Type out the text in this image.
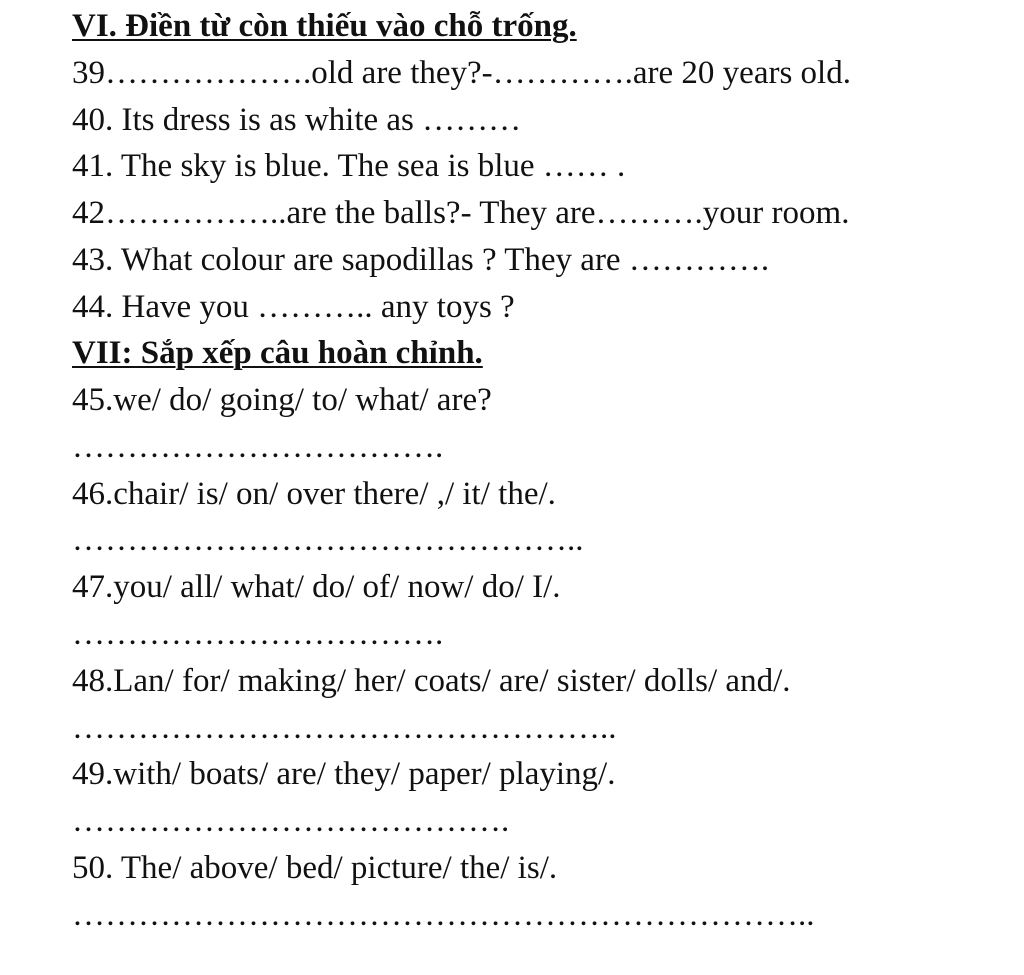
VI. Điền từ còn thiếu vào chỗ trống.
39……………….old are they?-………….are 20 years old.
40. Its dress is as white as ………
41. The sky is blue. The sea is blue …… .
42……………..are the balls?- They are……….your room.
43. What colour are sapodillas ? They are ………….
44. Have you ……….. any toys ?
VII: Sắp xếp câu hoàn chỉnh.
45.we/ do/ going/ to/ what/ are?
…………………………….
46.chair/ is/ on/ over there/ ,/ it/ the/.
………………………………………..
47.you/ all/ what/ do/ of/ now/ do/ I/.
…………………………….
48.Lan/ for/ making/ her/ coats/ are/ sister/ dolls/ and/.
…………………………………………..
49.with/ boats/ are/ they/ paper/ playing/.
………………………………….
50. The/ above/ bed/ picture/ the/ is/.
…………………………………………………………..
